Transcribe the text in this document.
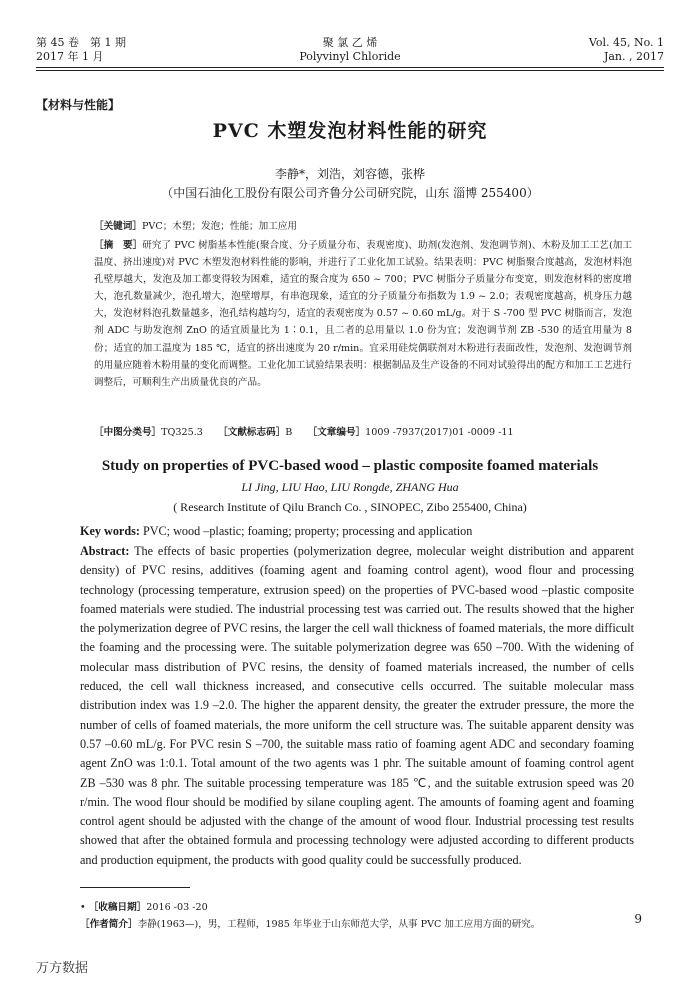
第 45 卷　第 1 期
2017 年 1 月
聚 氯 乙 烯
Polyvinyl Chloride
Vol. 45, No. 1
Jan. , 2017
【材料与性能】
PVC 木塑发泡材料性能的研究
李静*，刘浩，刘容德，张桦
（中国石油化工股份有限公司齐鲁分公司研究院，山东 淄博 255400）
［关键词］PVC；木塑；发泡；性能；加工应用
［摘　要］研究了 PVC 树脂基本性能(聚合度、分子质量分布、表观密度)、助剂(发泡剂、发泡调节剂)、木粉及加工工艺(加工温度、挤出速度)对 PVC 木塑发泡材料性能的影响，并进行了工业化加工试验。结果表明：PVC 树脂聚合度越高，发泡材料泡孔壁厚越大，发泡及加工都变得较为困难，适宜的聚合度为 650 ~ 700；PVC 树脂分子质量分布变宽，则发泡材料的密度增大，泡孔数量减少，泡孔增大，泡壁增厚，有串泡现象，适宜的分子质量分布指数为 1.9 ~ 2.0；表观密度越高，机身压力越大，发泡材料泡孔数量越多，泡孔结构越均匀，适宜的表观密度为 0.57 ~ 0.60 mL/g。对于 S -700 型 PVC 树脂而言，发泡剂 ADC 与助发泡剂 ZnO 的适宜质量比为 1∶0.1，且二者的总用量以 1.0 份为宜；发泡调节剂 ZB -530 的适宜用量为 8 份；适宜的加工温度为 185 ℃，适宜的挤出速度为 20 r/min。宜采用硅烷偶联剂对木粉进行表面改性，发泡剂、发泡调节剂的用量应随着木粉用量的变化而调整。工业化加工试验结果表明：根据制品及生产设备的不同对试验得出的配方和加工工艺进行调整后，可顺利生产出质量优良的产品。
［中图分类号］TQ325.3 ［文献标志码］B ［文章编号］1009 -7937(2017)01 -0009 -11
Study on properties of PVC-based wood – plastic composite foamed materials
LI Jing, LIU Hao, LIU Rongde, ZHANG Hua
( Research Institute of Qilu Branch Co. , SINOPEC, Zibo 255400, China)
Key words: PVC; wood –plastic; foaming; property; processing and application
Abstract: The effects of basic properties (polymerization degree, molecular weight distribution and apparent density) of PVC resins, additives (foaming agent and foaming control agent), wood flour and processing technology (processing temperature, extrusion speed) on the properties of PVC-based wood –plastic composite foamed materials were studied. The industrial processing test was carried out. The results showed that the higher the polymerization degree of PVC resins, the larger the cell wall thickness of foamed materials, the more difficult the foaming and the processing were. The suitable polymerization degree was 650 –700. With the widening of molecular mass distribution of PVC resins, the density of foamed materials increased, the number of cells reduced, the cell wall thickness increased, and consecutive cells occurred. The suitable molecular mass distribution index was 1.9 –2.0. The higher the apparent density, the greater the extruder pressure, the more the number of cells of foamed materials, the more uniform the cell structure was. The suitable apparent density was 0.57 –0.60 mL/g. For PVC resin S –700, the suitable mass ratio of foaming agent ADC and secondary foaming agent ZnO was 1:0.1. Total amount of the two agents was 1 phr. The suitable amount of foaming control agent ZB –530 was 8 phr. The suitable processing temperature was 185 ℃, and the suitable extrusion speed was 20 r/min. The wood flour should be modified by silane coupling agent. The amounts of foaming agent and foaming control agent should be adjusted with the change of the amount of wood flour. Industrial processing test results showed that after the obtained formula and processing technology were adjusted according to different products and production equipment, the products with good quality could be successfully produced.
• ［收稿日期］2016 -03 -20
［作者简介］李静(1963—)，男，工程师，1985 年毕业于山东师范大学，从事 PVC 加工应用方面的研究。	9
万方数据
